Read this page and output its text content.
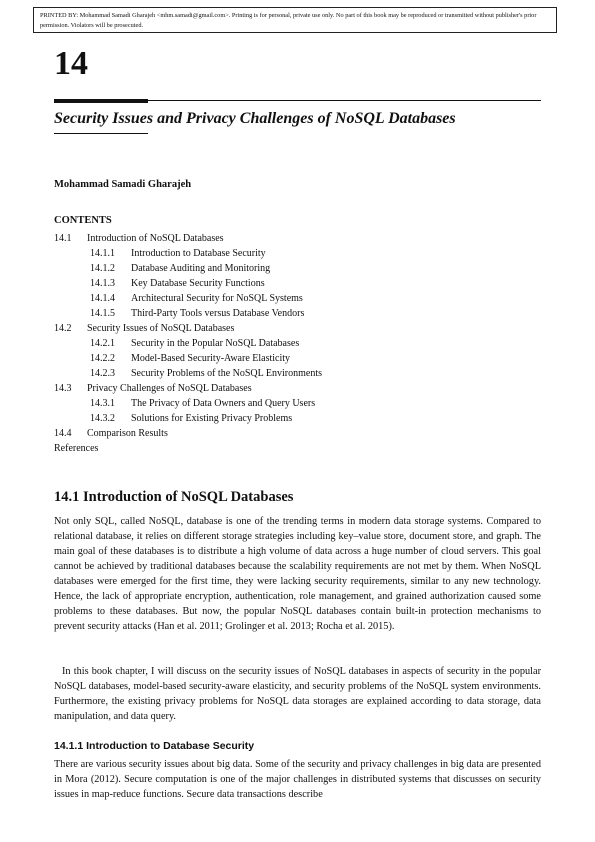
PRINTED BY: Mohammad Samadi Gharajeh <mhm.samadi@gmail.com>. Printing is for personal, private use only. No part of this book may be reproduced or transmitted without publisher's prior permission. Violators will be prosecuted.
14
Security Issues and Privacy Challenges of NoSQL Databases
Mohammad Samadi Gharajeh
CONTENTS
14.1 Introduction of NoSQL Databases
14.1.1 Introduction to Database Security
14.1.2 Database Auditing and Monitoring
14.1.3 Key Database Security Functions
14.1.4 Architectural Security for NoSQL Systems
14.1.5 Third-Party Tools versus Database Vendors
14.2 Security Issues of NoSQL Databases
14.2.1 Security in the Popular NoSQL Databases
14.2.2 Model-Based Security-Aware Elasticity
14.2.3 Security Problems of the NoSQL Environments
14.3 Privacy Challenges of NoSQL Databases
14.3.1 The Privacy of Data Owners and Query Users
14.3.2 Solutions for Existing Privacy Problems
14.4 Comparison Results
References
14.1 Introduction of NoSQL Databases
Not only SQL, called NoSQL, database is one of the trending terms in modern data storage systems. Compared to relational database, it relies on different storage strategies including key–value store, document store, and graph. The main goal of these databases is to distribute a high volume of data across a huge number of cloud servers. This goal cannot be achieved by traditional databases because the scalability requirements are not met by them. When NoSQL databases were emerged for the first time, they were lacking security requirements, similar to any new technology. Hence, the lack of appropriate encryption, authentication, role management, and grained authorization caused some problems to these databases. But now, the popular NoSQL databases contain built-in protection mechanisms to prevent security attacks (Han et al. 2011; Grolinger et al. 2013; Rocha et al. 2015).
In this book chapter, I will discuss on the security issues of NoSQL databases in aspects of security in the popular NoSQL databases, model-based security-aware elasticity, and security problems of the NoSQL system environments. Furthermore, the existing privacy problems for NoSQL data storages are explained according to data storage, data manipulation, and data query.
14.1.1 Introduction to Database Security
There are various security issues about big data. Some of the security and privacy challenges in big data are presented in Mora (2012). Secure computation is one of the major challenges in distributed systems that discusses on security issues in map-reduce functions. Secure data transactions describe
